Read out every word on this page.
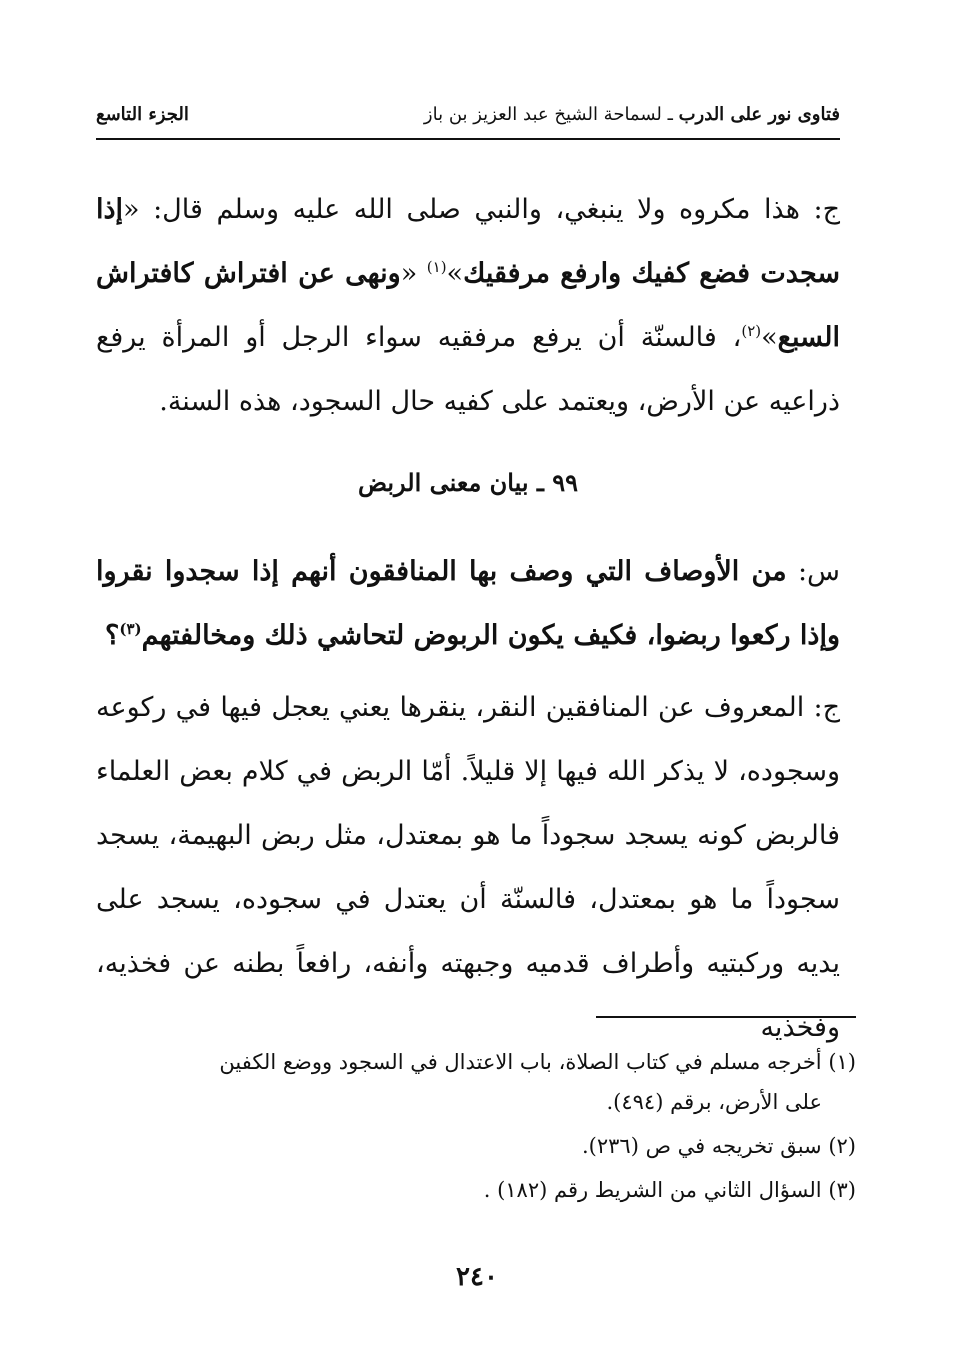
فتاوى نور على الدرب ـ لسماحة الشيخ عبد العزيز بن باز
الجزء التاسع
ج: هذا مكروه ولا ينبغي، والنبي صلى الله عليه وسلم قال: «إذا سجدت فضع كفيك وارفع مرفقيك»$^{(١)}$ «ونهى عن افتراش كافتراش السبع»$^{(٢)}$، فالسنّة أن يرفع مرفقيه سواء الرجل أو المرأة يرفع ذراعيه عن الأرض، ويعتمد على كفيه حال السجود، هذه السنة.
٩٩ ـ بيان معنى الربض
س: من الأوصاف التي وصف بها المنافقون أنهم إذا سجدوا نقروا وإذا ركعوا ربضوا، فكيف يكون الربوض لتحاشي ذلك ومخالفتهم$^{(٣)}$؟
ج: المعروف عن المنافقين النقر، ينقرها يعني يعجل فيها في ركوعه وسجوده، لا يذكر الله فيها إلا قليلاً. أمّا الربض في كلام بعض العلماء فالربض كونه يسجد سجوداً ما هو بمعتدل، مثل ربض البهيمة، يسجد سجوداً ما هو بمعتدل، فالسنّة أن يعتدل في سجوده، يسجد على يديه وركبتيه وأطراف قدميه وجبهته وأنفه، رافعاً بطنه عن فخذيه، وفخذيه
(١) أخرجه مسلم في كتاب الصلاة، باب الاعتدال في السجود ووضع الكفين
على الأرض، برقم (٤٩٤).
(٢) سبق تخريجه في ص (٢٣٦).
(٣) السؤال الثاني من الشريط رقم (١٨٢) .
٢٤٠
